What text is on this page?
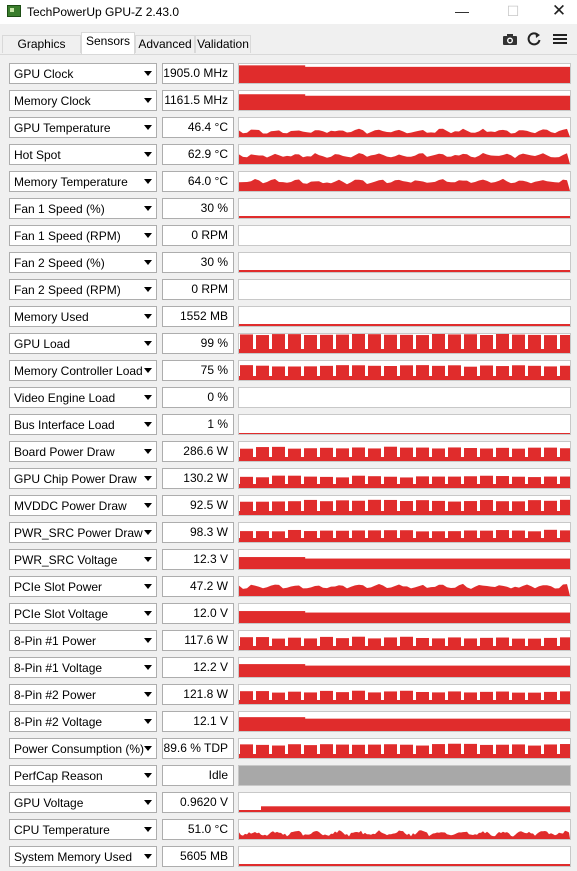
TechPowerUp GPU-Z 2.43.0	—	☐	✕
Graphics	Sensors Advanced Validation
GPU Clock	1905.0 MHz
Memory Clock	1161.5 MHz
GPU Temperature	46.4 °C
Hot Spot	62.9 °C
Memory Temperature	64.0 °C
Fan 1 Speed (%)	30 %
Fan 1 Speed (RPM)	0 RPM
Fan 2 Speed (%)	30 %
Fan 2 Speed (RPM)	0 RPM
Memory Used	1552 MB
GPU Load	99 %
Memory Controller Load	75 %
Video Engine Load	0 %
Bus Interface Load	1 %
Board Power Draw	286.6 W
GPU Chip Power Draw	130.2 W
MVDDC Power Draw	92.5 W
PWR_SRC Power Draw	98.3 W
PWR_SRC Voltage	12.3 V
PCIe Slot Power	47.2 W
PCIe Slot Voltage	12.0 V
8-Pin #1 Power	117.6 W
8-Pin #1 Voltage	12.2 V
8-Pin #2 Power	121.8 W
8-Pin #2 Voltage	12.1 V
Power Consumption (%) 89.6 % TDP
PerfCap Reason	Idle
GPU Voltage	0.9620 V
CPU Temperature	51.0 °C
System Memory Used	5605 MB
